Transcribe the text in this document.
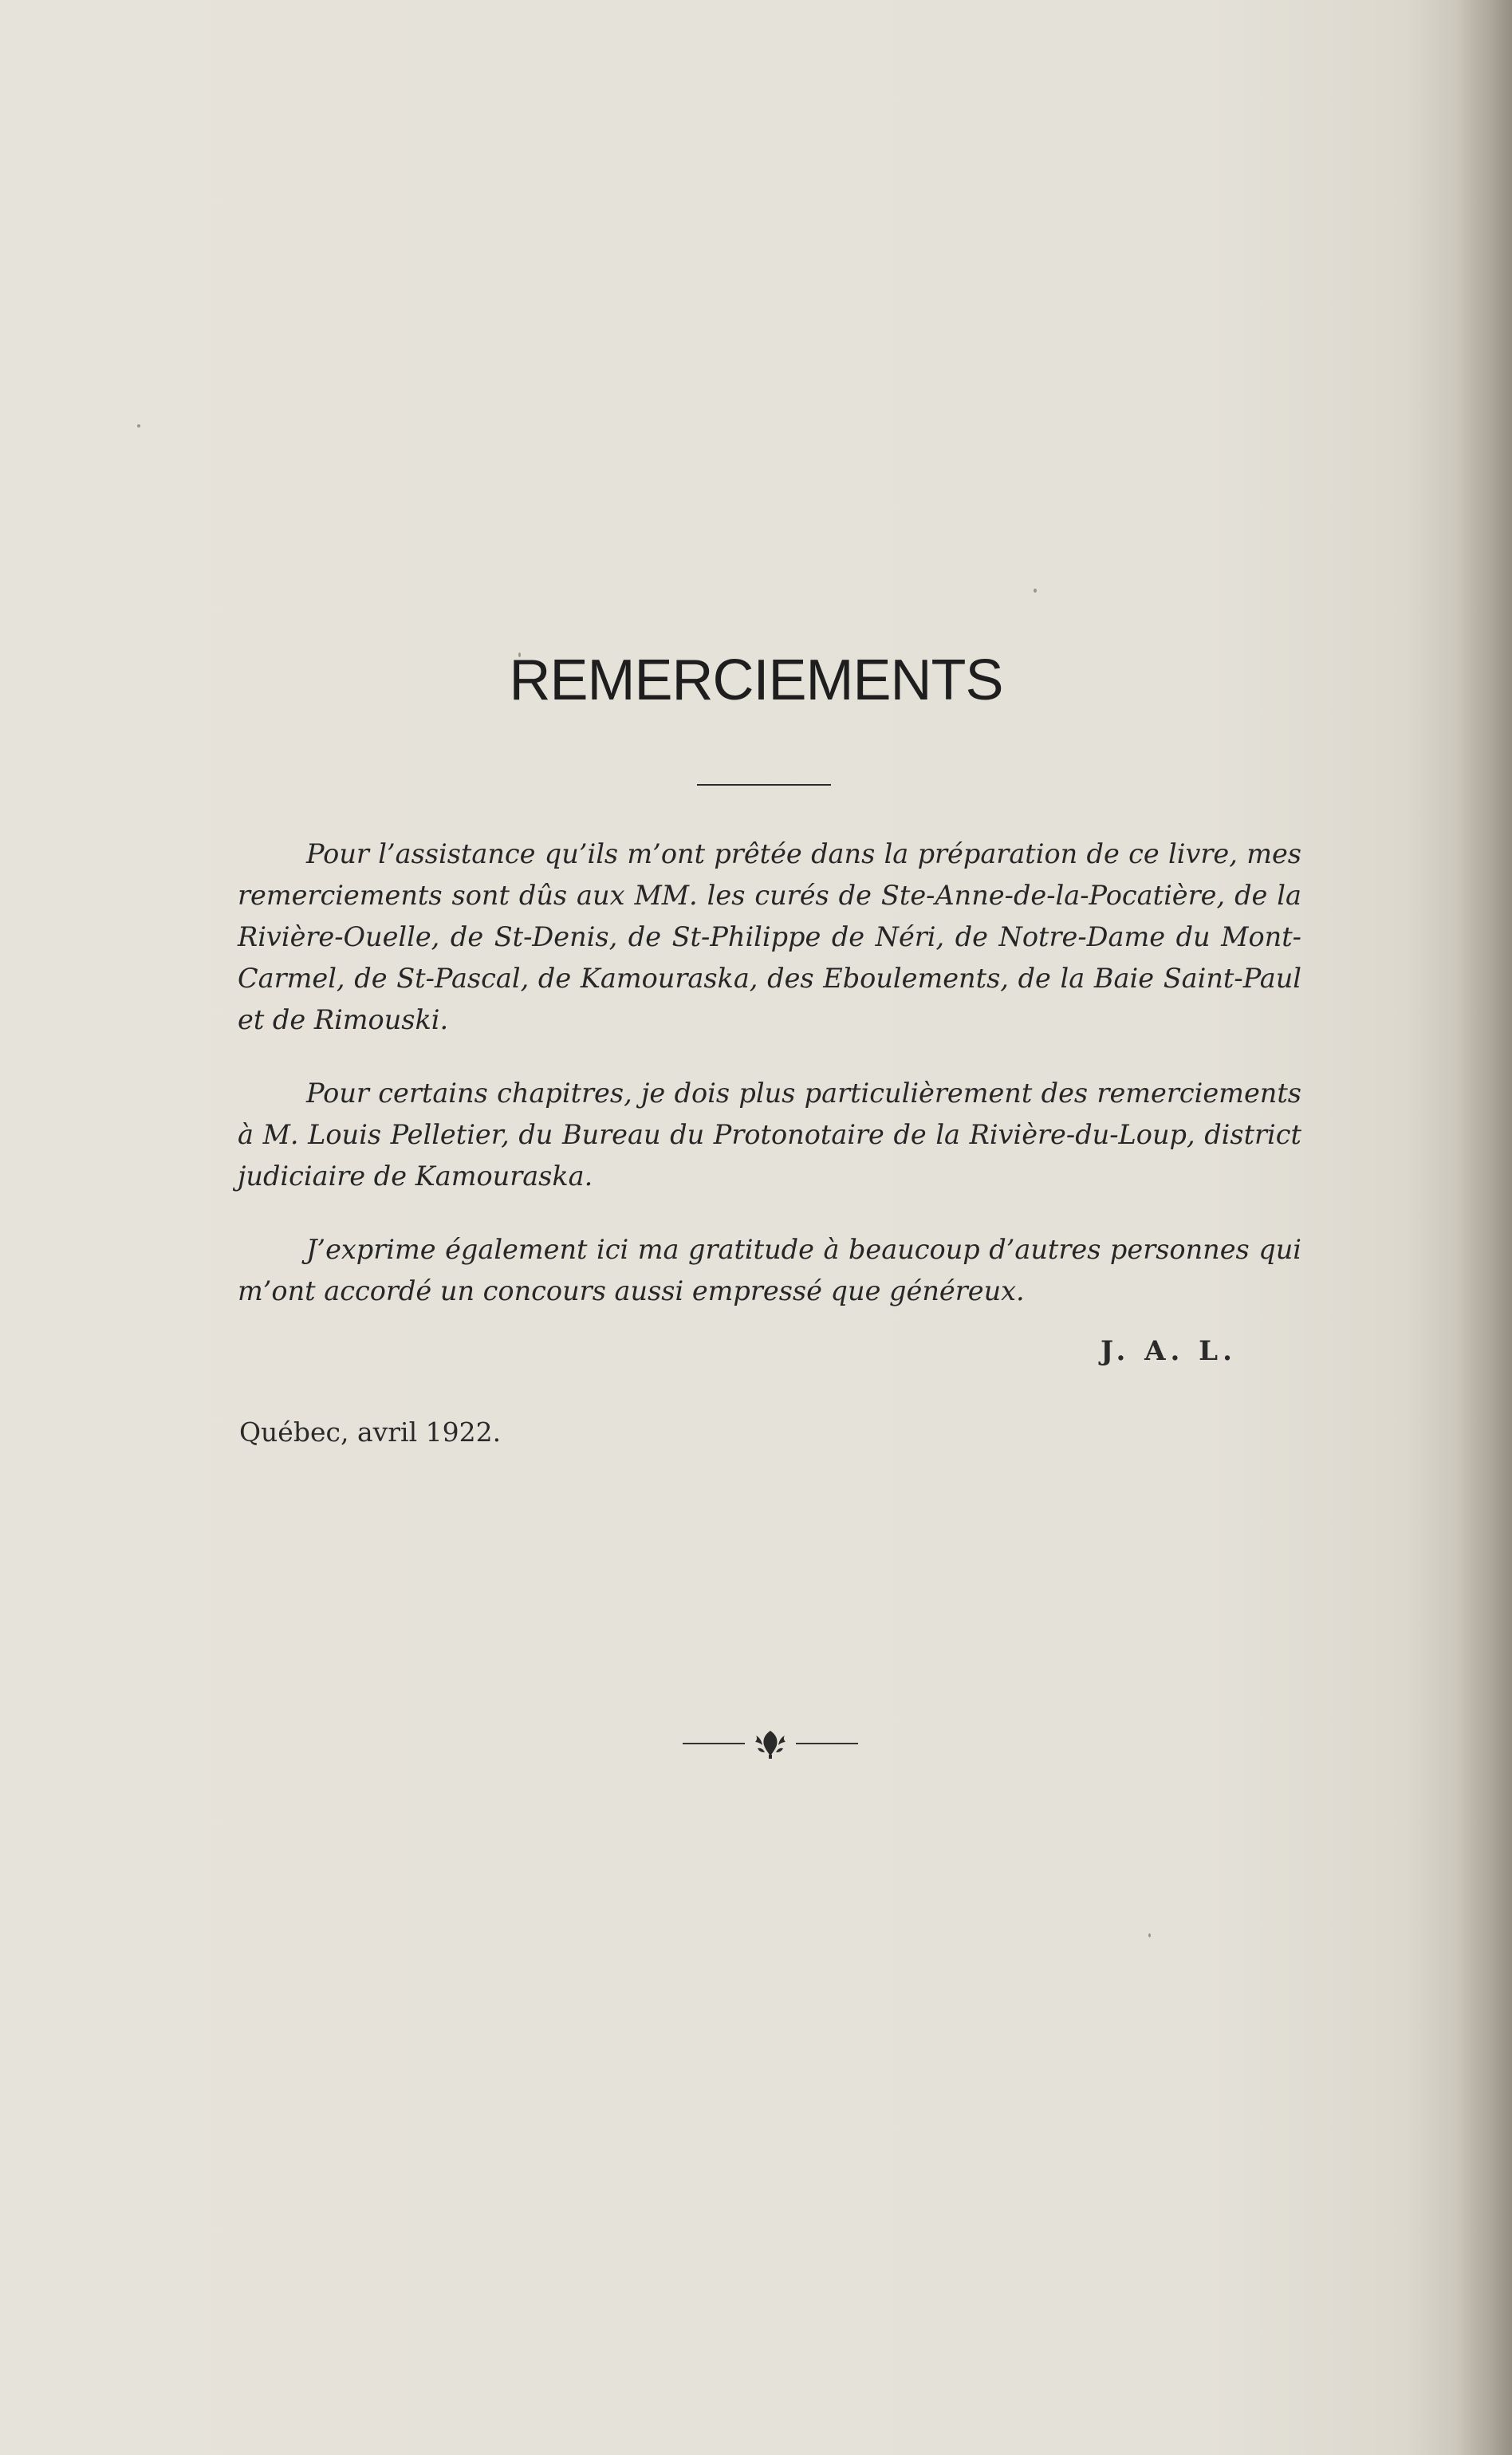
REMERCIEMENTS

Pour l’assistance qu’ils m’ont prêtée dans la préparation de ce livre, mes remerciements sont dûs aux MM. les curés de Ste-Anne-de-la-Pocatière, de la Rivière-Ouelle, de St-Denis, de St-Philippe de Néri, de Notre-Dame du Mont-Carmel, de St-Pascal, de Kamouraska, des Eboulements, de la Baie Saint-Paul et de Rimouski.

Pour certains chapitres, je dois plus particulièrement des remerciements à M. Louis Pelletier, du Bureau du Protonotaire de la Rivière-du-Loup, district judiciaire de Kamouraska.

J’exprime également ici ma gratitude à beaucoup d’autres personnes qui m’ont accordé un concours aussi empressé que généreux.

J. A. L.
Québec, avril 1922.
